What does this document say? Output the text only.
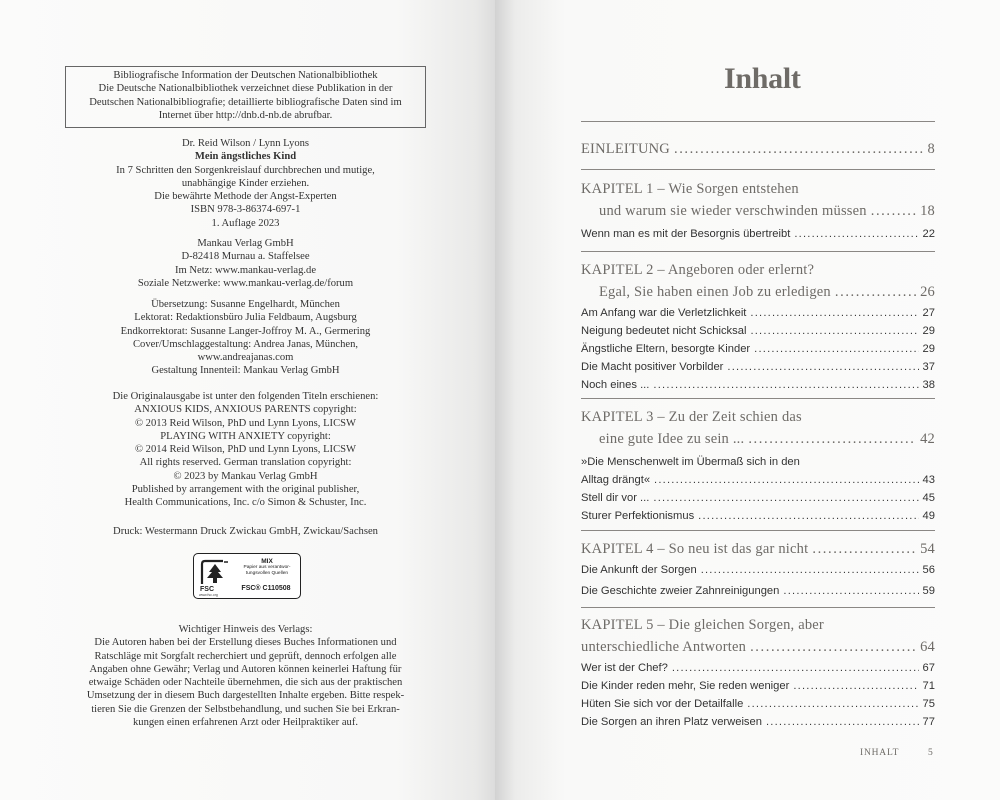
Bibliografische Information der Deutschen Nationalbibliothek
Die Deutsche Nationalbibliothek verzeichnet diese Publikation in der
Deutschen Nationalbibliografie; detaillierte bibliografische Daten sind im
Internet über http://dnb.d-nb.de abrufbar.
Dr. Reid Wilson / Lynn Lyons
Mein ängstliches Kind
In 7 Schritten den Sorgenkreislauf durchbrechen und mutige,
unabhängige Kinder erziehen.
Die bewährte Methode der Angst-Experten
ISBN 978-3-86374-697-1
1. Auflage 2023
Mankau Verlag GmbH
D-82418 Murnau a. Staffelsee
Im Netz: www.mankau-verlag.de
Soziale Netzwerke: www.mankau-verlag.de/forum
Übersetzung: Susanne Engelhardt, München
Lektorat: Redaktionsbüro Julia Feldbaum, Augsburg
Endkorrektorat: Susanne Langer-Joffroy M. A., Germering
Cover/Umschlaggestaltung: Andrea Janas, München,
www.andreajanas.com
Gestaltung Innenteil: Mankau Verlag GmbH
Die Originalausgabe ist unter den folgenden Titeln erschienen:
ANXIOUS KIDS, ANXIOUS PARENTS copyright:
© 2013 Reid Wilson, PhD und Lynn Lyons, LICSW
PLAYING WITH ANXIETY copyright:
© 2014 Reid Wilson, PhD und Lynn Lyons, LICSW
All rights reserved. German translation copyright:
© 2023 by Mankau Verlag GmbH
Published by arrangement with the original publisher,
Health Communications, Inc. c/o Simon & Schuster, Inc.
Druck: Westermann Druck Zwickau GmbH, Zwickau/Sachsen
FSC
www.fsc.org
MIX
Papier aus verantwor-
tungsvollen Quellen
FSC® C110508
Wichtiger Hinweis des Verlags:
Die Autoren haben bei der Erstellung dieses Buches Informationen und
Ratschläge mit Sorgfalt recherchiert und geprüft, dennoch erfolgen alle
Angaben ohne Gewähr; Verlag und Autoren können keinerlei Haftung für
etwaige Schäden oder Nachteile übernehmen, die sich aus der praktischen
Umsetzung der in diesem Buch dargestellten Inhalte ergeben. Bitte respek-
tieren Sie die Grenzen der Selbstbehandlung, und suchen Sie bei Erkran-
kungen einen erfahrenen Arzt oder Heilpraktiker auf.
Inhalt
EINLEITUNG .....	8
KAPITEL 1 – Wie Sorgen entstehen
und warum sie wieder verschwinden müssen .....	18
Wenn man es mit der Besorgnis übertreibt .....	22
KAPITEL 2 – Angeboren oder erlernt?
Egal, Sie haben einen Job zu erledigen .....	26
Am Anfang war die Verletzlichkeit .....	27
Neigung bedeutet nicht Schicksal .....	29
Ängstliche Eltern, besorgte Kinder .....	29
Die Macht positiver Vorbilder .....	37
Noch eines ... .....	38
KAPITEL 3 – Zu der Zeit schien das
eine gute Idee zu sein ... .....	42
»Die Menschenwelt im Übermaß sich in den
Alltag drängt« .....	43
Stell dir vor ... .....	45
Sturer Perfektionismus .....	49
KAPITEL 4 – So neu ist das gar nicht .....	54
Die Ankunft der Sorgen .....	56
Die Geschichte zweier Zahnreinigungen .....	59
KAPITEL 5 – Die gleichen Sorgen, aber
unterschiedliche Antworten .....	64
Wer ist der Chef? .....	67
Die Kinder reden mehr, Sie reden weniger .....	71
Hüten Sie sich vor der Detailfalle .....	75
Die Sorgen an ihren Platz verweisen .....	77
INHALT	5
